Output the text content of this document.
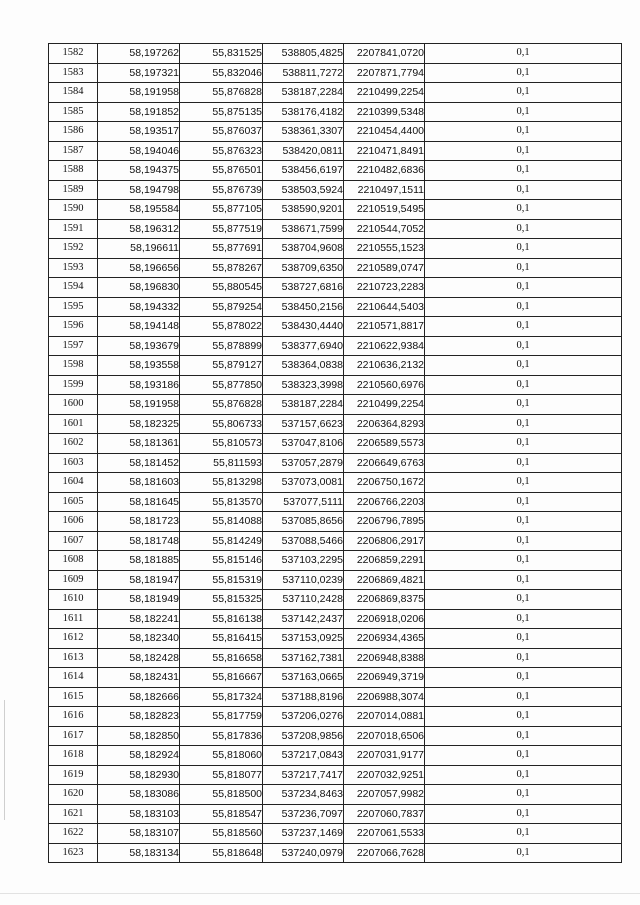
1582	58,197262	55,831525	538805,4825	2207841,0720	0,1
1583	58,197321	55,832046	538811,7272	2207871,7794	0,1
1584	58,191958	55,876828	538187,2284	2210499,2254	0,1
1585	58,191852	55,875135	538176,4182	2210399,5348	0,1
1586	58,193517	55,876037	538361,3307	2210454,4400	0,1
1587	58,194046	55,876323	538420,0811	2210471,8491	0,1
1588	58,194375	55,876501	538456,6197	2210482,6836	0,1
1589	58,194798	55,876739	538503,5924	2210497,1511	0,1
1590	58,195584	55,877105	538590,9201	2210519,5495	0,1
1591	58,196312	55,877519	538671,7599	2210544,7052	0,1
1592	58,196611	55,877691	538704,9608	2210555,1523	0,1
1593	58,196656	55,878267	538709,6350	2210589,0747	0,1
1594	58,196830	55,880545	538727,6816	2210723,2283	0,1
1595	58,194332	55,879254	538450,2156	2210644,5403	0,1
1596	58,194148	55,878022	538430,4440	2210571,8817	0,1
1597	58,193679	55,878899	538377,6940	2210622,9384	0,1
1598	58,193558	55,879127	538364,0838	2210636,2132	0,1
1599	58,193186	55,877850	538323,3998	2210560,6976	0,1
1600	58,191958	55,876828	538187,2284	2210499,2254	0,1
1601	58,182325	55,806733	537157,6623	2206364,8293	0,1
1602	58,181361	55,810573	537047,8106	2206589,5573	0,1
1603	58,181452	55,811593	537057,2879	2206649,6763	0,1
1604	58,181603	55,813298	537073,0081	2206750,1672	0,1
1605	58,181645	55,813570	537077,5111	2206766,2203	0,1
1606	58,181723	55,814088	537085,8656	2206796,7895	0,1
1607	58,181748	55,814249	537088,5466	2206806,2917	0,1
1608	58,181885	55,815146	537103,2295	2206859,2291	0,1
1609	58,181947	55,815319	537110,0239	2206869,4821	0,1
1610	58,181949	55,815325	537110,2428	2206869,8375	0,1
1611	58,182241	55,816138	537142,2437	2206918,0206	0,1
1612	58,182340	55,816415	537153,0925	2206934,4365	0,1
1613	58,182428	55,816658	537162,7381	2206948,8388	0,1
1614	58,182431	55,816667	537163,0665	2206949,3719	0,1
1615	58,182666	55,817324	537188,8196	2206988,3074	0,1
1616	58,182823	55,817759	537206,0276	2207014,0881	0,1
1617	58,182850	55,817836	537208,9856	2207018,6506	0,1
1618	58,182924	55,818060	537217,0843	2207031,9177	0,1
1619	58,182930	55,818077	537217,7417	2207032,9251	0,1
1620	58,183086	55,818500	537234,8463	2207057,9982	0,1
1621	58,183103	55,818547	537236,7097	2207060,7837	0,1
1622	58,183107	55,818560	537237,1469	2207061,5533	0,1
1623	58,183134	55,818648	537240,0979	2207066,7628	0,1
